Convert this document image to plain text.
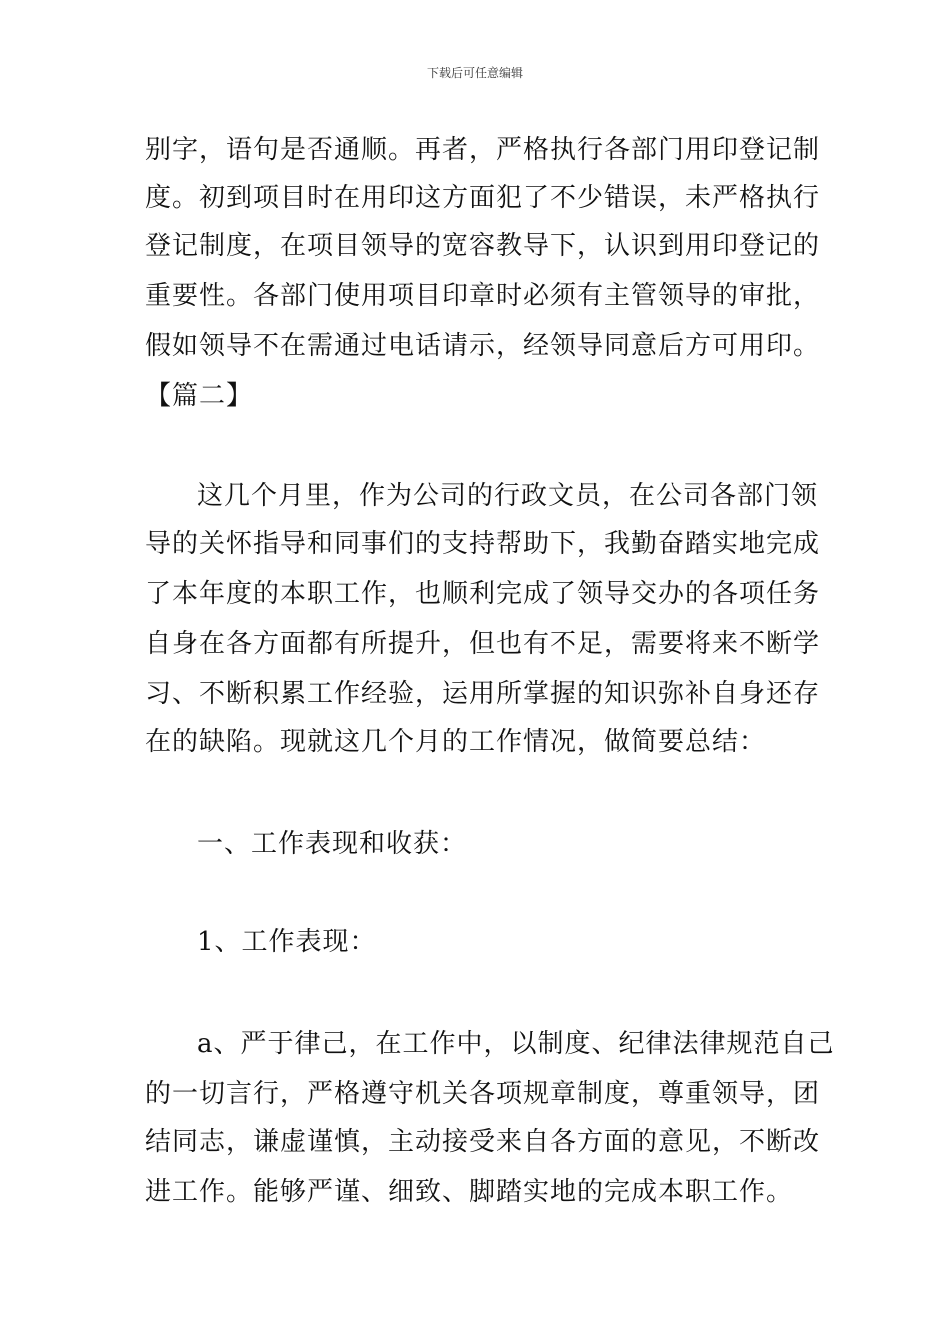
下载后可任意编辑
别字，语句是否通顺。再者，严格执行各部门用印登记制
度。初到项目时在用印这方面犯了不少错误，未严格执行
登记制度，在项目领导的宽容教导下，认识到用印登记的
重要性。各部门使用项目印章时必须有主管领导的审批，
假如领导不在需通过电话请示，经领导同意后方可用印。
【篇二】
这几个月里，作为公司的行政文员，在公司各部门领
导的关怀指导和同事们的支持帮助下，我勤奋踏实地完成
了本年度的本职工作，也顺利完成了领导交办的各项任务
自身在各方面都有所提升，但也有不足，需要将来不断学
习、不断积累工作经验，运用所掌握的知识弥补自身还存
在的缺陷。现就这几个月的工作情况，做简要总结：
一、工作表现和收获：
1、工作表现：
a、严于律己，在工作中，以制度、纪律法律规范自己
的一切言行，严格遵守机关各项规章制度，尊重领导，团
结同志，谦虚谨慎，主动接受来自各方面的意见，不断改
进工作。能够严谨、细致、脚踏实地的完成本职工作。
